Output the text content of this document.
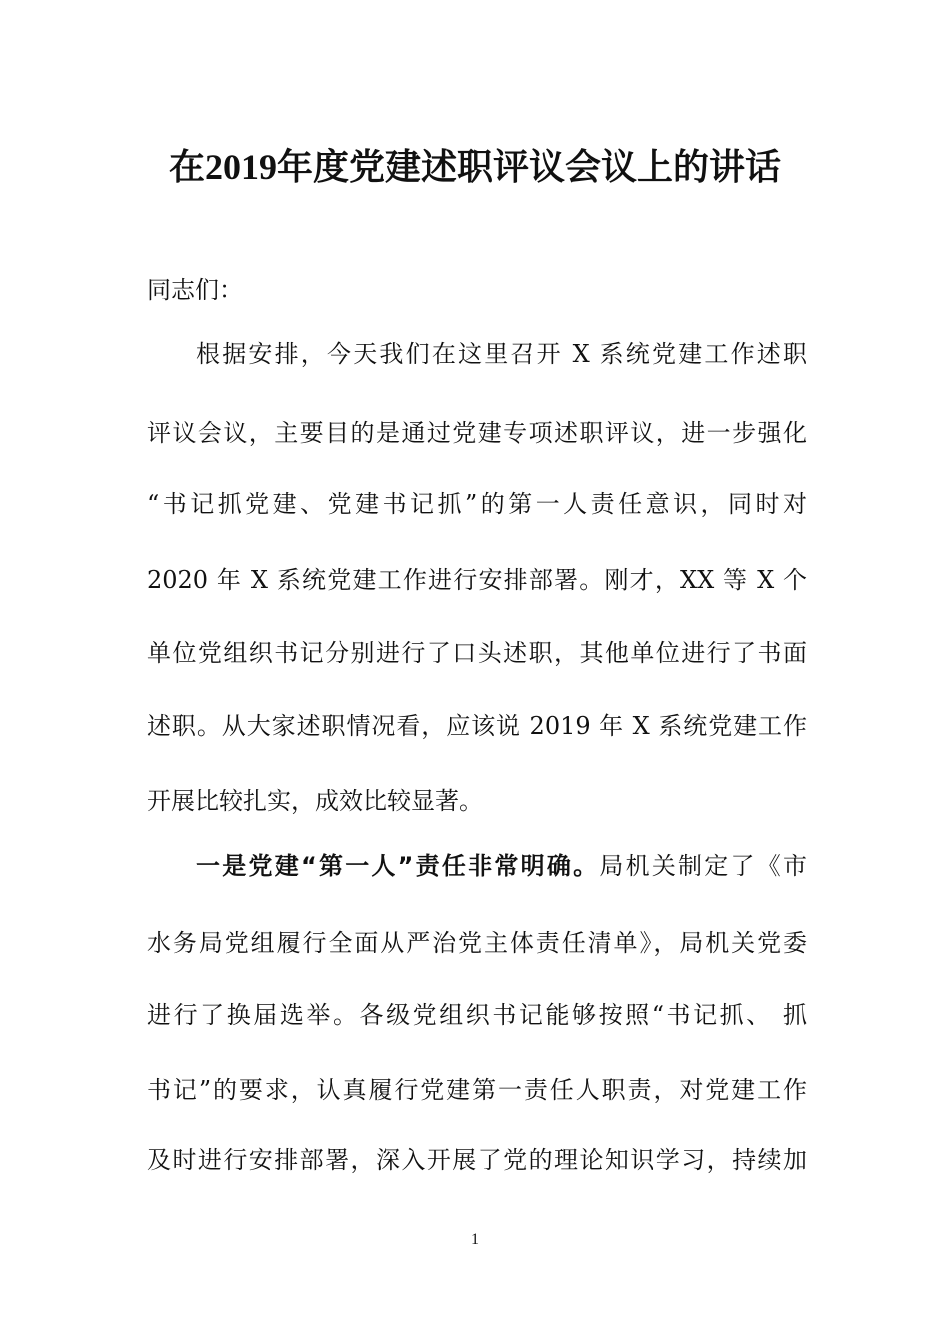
在2019年度党建述职评议会议上的讲话
同志们：
根据安排，今天我们在这里召开 X 系统党建工作述职
评议会议，主要目的是通过党建专项述职评议，进一步强化
“书记抓党建、党建书记抓”的第一人责任意识，同时对
2020 年 X 系统党建工作进行安排部署。刚才，XX 等 X 个
单位党组织书记分别进行了口头述职，其他单位进行了书面
述职。从大家述职情况看，应该说 2019 年 X 系统党建工作
开展比较扎实，成效比较显著。
一是党建“第一人”责任非常明确。局机关制定了《市
水务局党组履行全面从严治党主体责任清单》，局机关党委
进行了换届选举。各级党组织书记能够按照“书记抓、 抓
书记”的要求，认真履行党建第一责任人职责，对党建工作
及时进行安排部署，深入开展了党的理论知识学习，持续加
1
